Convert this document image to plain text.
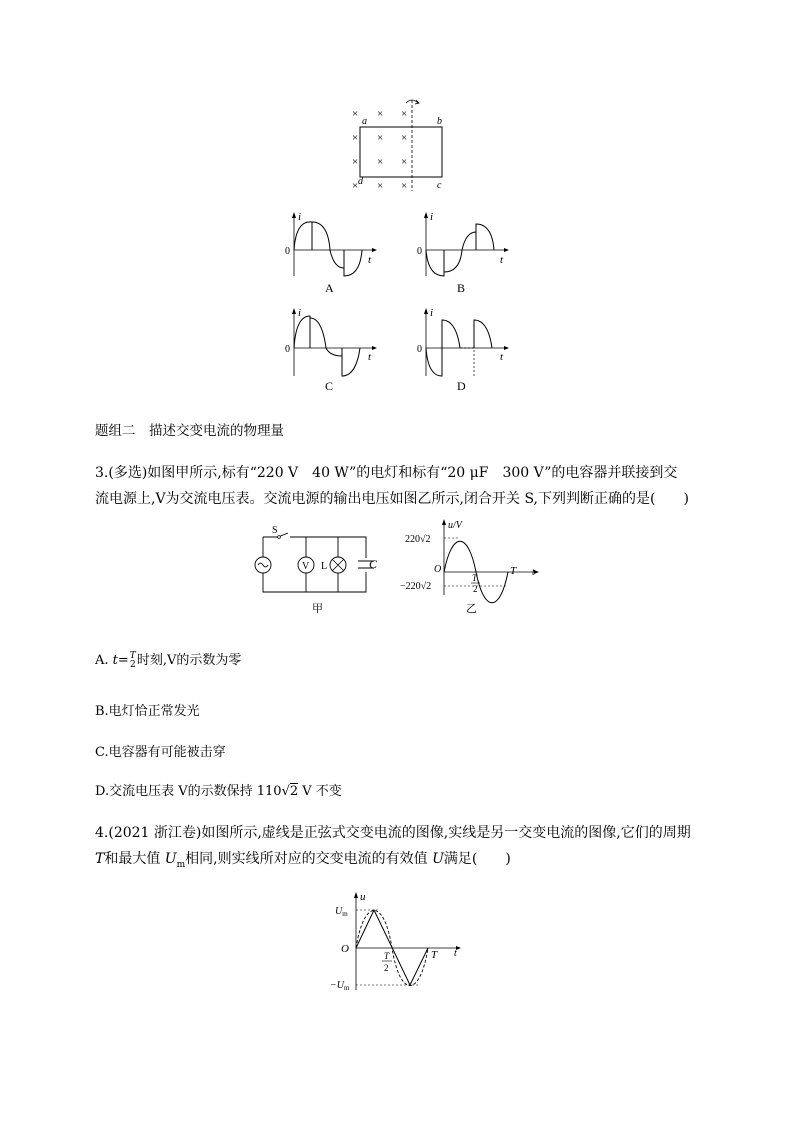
× × ×
× × ×
× × ×
× × ×
a	b
c
d
i
t
0
A
i
t
0
B
i
t
0
C
i
t
0
D
题组二　描述交变电流的物理量
3.(多选)如图甲所示,标有“220 V　40 W”的电灯和标有“20 μF　300 V”的电容器并联接到交
流电源上,V为交流电压表。交流电源的输出电压如图乙所示,闭合开关 S,下列判断正确的是(　　)
V L	C
S
甲
u/V
220√2
−220√2
O
T
2
T t
乙
A. t= T
2 时刻,V的示数为零
B.电灯恰正常发光
C.电容器有可能被击穿
D.交流电压表 V的示数保持 110√2 V 不变
4.(2021 浙江卷)如图所示,虚线是正弦式交变电流的图像,实线是另一交变电流的图像,它们的周期
T和最大值 $U_m$相同,则实线所对应的交变电流的有效值 U满足(　　)
u
$U_m$
$-U_m$
O
T
2
T t
